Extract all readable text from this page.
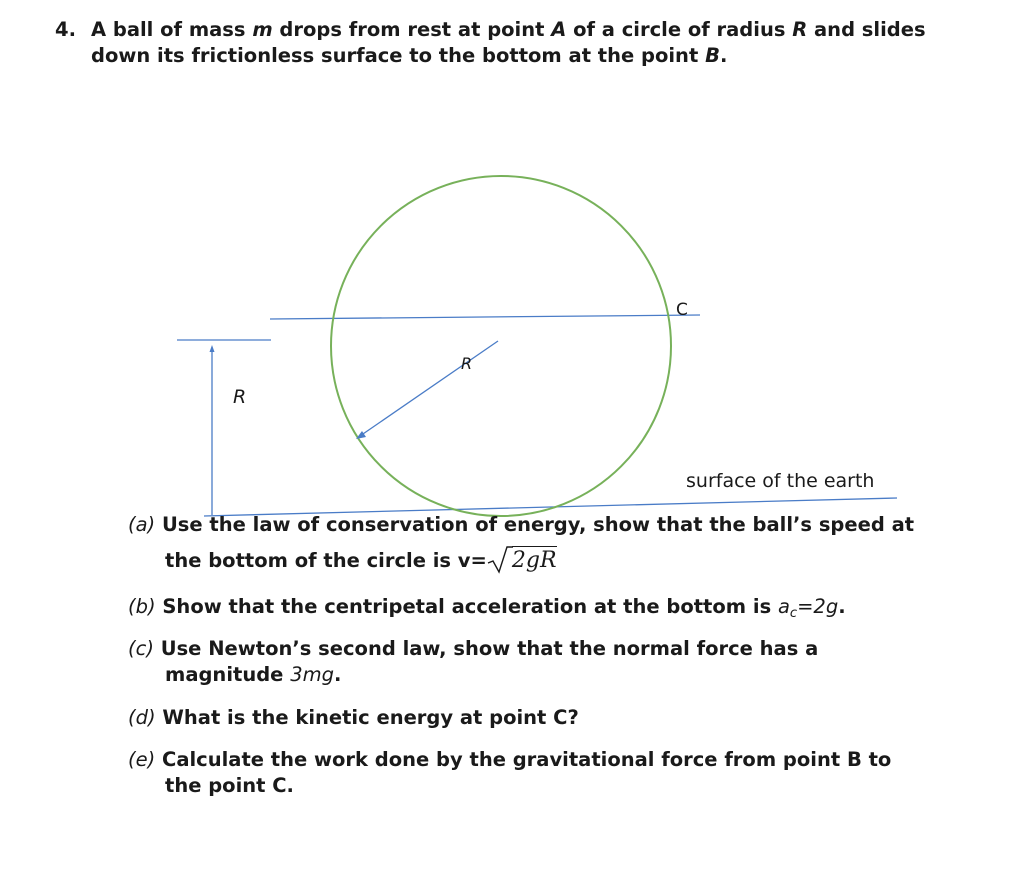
4. A ball of mass m drops from rest at point A of a circle of radius R and slides
down its frictionless surface to the bottom at the point B.
R
R
C
surface of the earth
(a) Use the law of conservation of energy, show that the ball’s speed at
the bottom of the circle is v= 2gR
(b) Show that the centripetal acceleration at the bottom is $a_c=2g$.
(c) Use Newton’s second law, show that the normal force has a
magnitude 3mg.
(d) What is the kinetic energy at point C?
(e) Calculate the work done by the gravitational force from point B to
the point C.
